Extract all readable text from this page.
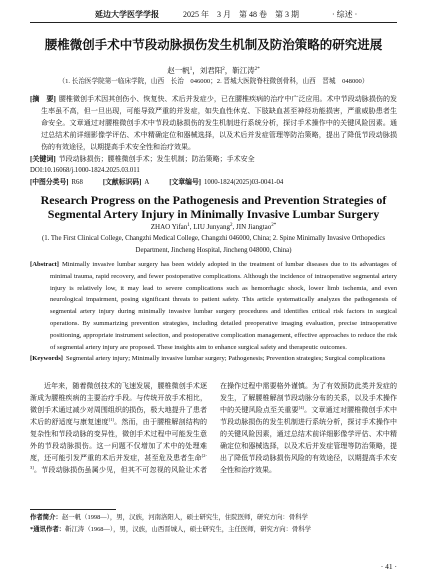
延边大学医学学报	2025 年　3 月　第 48 卷　第 3 期	· 综述 ·
腰椎微创手术中节段动脉损伤发生机制及防治策略的研究进展
赵一帆$^1$，刘君阳$^2$，靳江涛$^{2*}$
（1. 长治医学院第一临床学院，山西　长治　046000；2. 晋城大医院脊柱微创骨科，山西　晋城　048000）
[摘　要] 腰椎微创手术因其创伤小、恢复快、术后并发症少，已在腰椎疾病的治疗中广泛应用。术中节段动脉损伤的发生率虽不高，但一旦出现，可能导致严重的并发症，如失血性休克、下肢缺血甚至神经功能损害，严重威胁患者生命安全。文章通过对腰椎微创手术中节段动脉损伤的发生机制进行系统分析，探讨手术操作中的关键风险因素。通过总结术前详细影像学评估、术中精确定位和器械选择，以及术后并发症管理等防治策略，提出了降低节段动脉损伤的有效途径，以期提高手术安全性和治疗效果。
[关键词] 节段动脉损伤；腰椎微创手术；发生机制；防治策略；手术安全
DOI:10.16068/j.1000-1824.2025.03.011
[中图分类号] R68	[文献标识码] A	[文章编号] 1000-1824(2025)03-0041-04
Research Progress on the Pathogenesis and Prevention Strategies of Segmental Artery Injury in Minimally Invasive Lumbar Surgery
ZHAO Yifan$^1$, LIU Junyang$^2$, JIN Jiangtao$^{2*}$
(1. The First Clinical College, Changzhi Medical College, Changzhi 046000, China; 2. Spine Minimally Invasive Orthopedics Department, Jincheng Hospital, Jincheng 048000, China)
[Abstract] Minimally invasive lumbar surgery has been widely adopted in the treatment of lumbar diseases due to its advantages of minimal trauma, rapid recovery, and fewer postoperative complications. Although the incidence of intraoperative segmental artery injury is relatively low, it may lead to severe complications such as hemorrhagic shock, lower limb ischemia, and even neurological impairment, posing significant threats to patient safety. This article systematically analyzes the pathogenesis of segmental artery injury during minimally invasive lumbar surgery procedures and identifies critical risk factors in surgical operations. By summarizing prevention strategies, including detailed preoperative imaging evaluation, precise intraoperative positioning, appropriate instrument selection, and postoperative complication management, effective approaches to reduce the risk of segmental artery injury are proposed. These insights aim to enhance surgical safety and therapeutic outcomes.
[Keywords] Segmental artery injury; Minimally invasive lumbar surgery; Pathogenesis; Prevention strategies; Surgical complications
近年来，随着微创技术的飞速发展，腰椎微创手术逐渐成为腰椎疾病的主要治疗手段。与传统开放手术相比，微创手术通过减少对周围组织的损伤，极大地提升了患者术后的舒适度与康复速度[1]。然而，由于腰椎解剖结构的复杂性和节段动脉的变异性，微创手术过程中可能发生意外的节段动脉损伤。这一问题不仅增加了术中的处理难度，还可能引发严重的术后并发症，甚至危及患者生命[2-3]。节段动脉损伤虽属少见，但其不可忽视的风险让术者在操作过程中需要格外谨慎。为了有效预防此类并发症的发生，了解腰椎解剖节段动脉分布的关系，以及手术操作中的关键风险点至关重要[4]。文章通过对腰椎微创手术中节段动脉损伤的发生机制进行系统分析，探讨手术操作中的关键风险因素，通过总结术前详细影像学评估、术中精确定位和器械选择，以及术后并发症管理等防治策略，提出了降低节段动脉损伤风险的有效途径，以期提高手术安全性和治疗效果。
作者简介：赵一帆（1998—），男，汉族，河南洛阳人，硕士研究生，住院医师，研究方向：骨科学
*通讯作者：靳江涛（1968—），男，汉族，山西晋城人，硕士研究生，主任医师，研究方向：骨科学
· 41 ·
